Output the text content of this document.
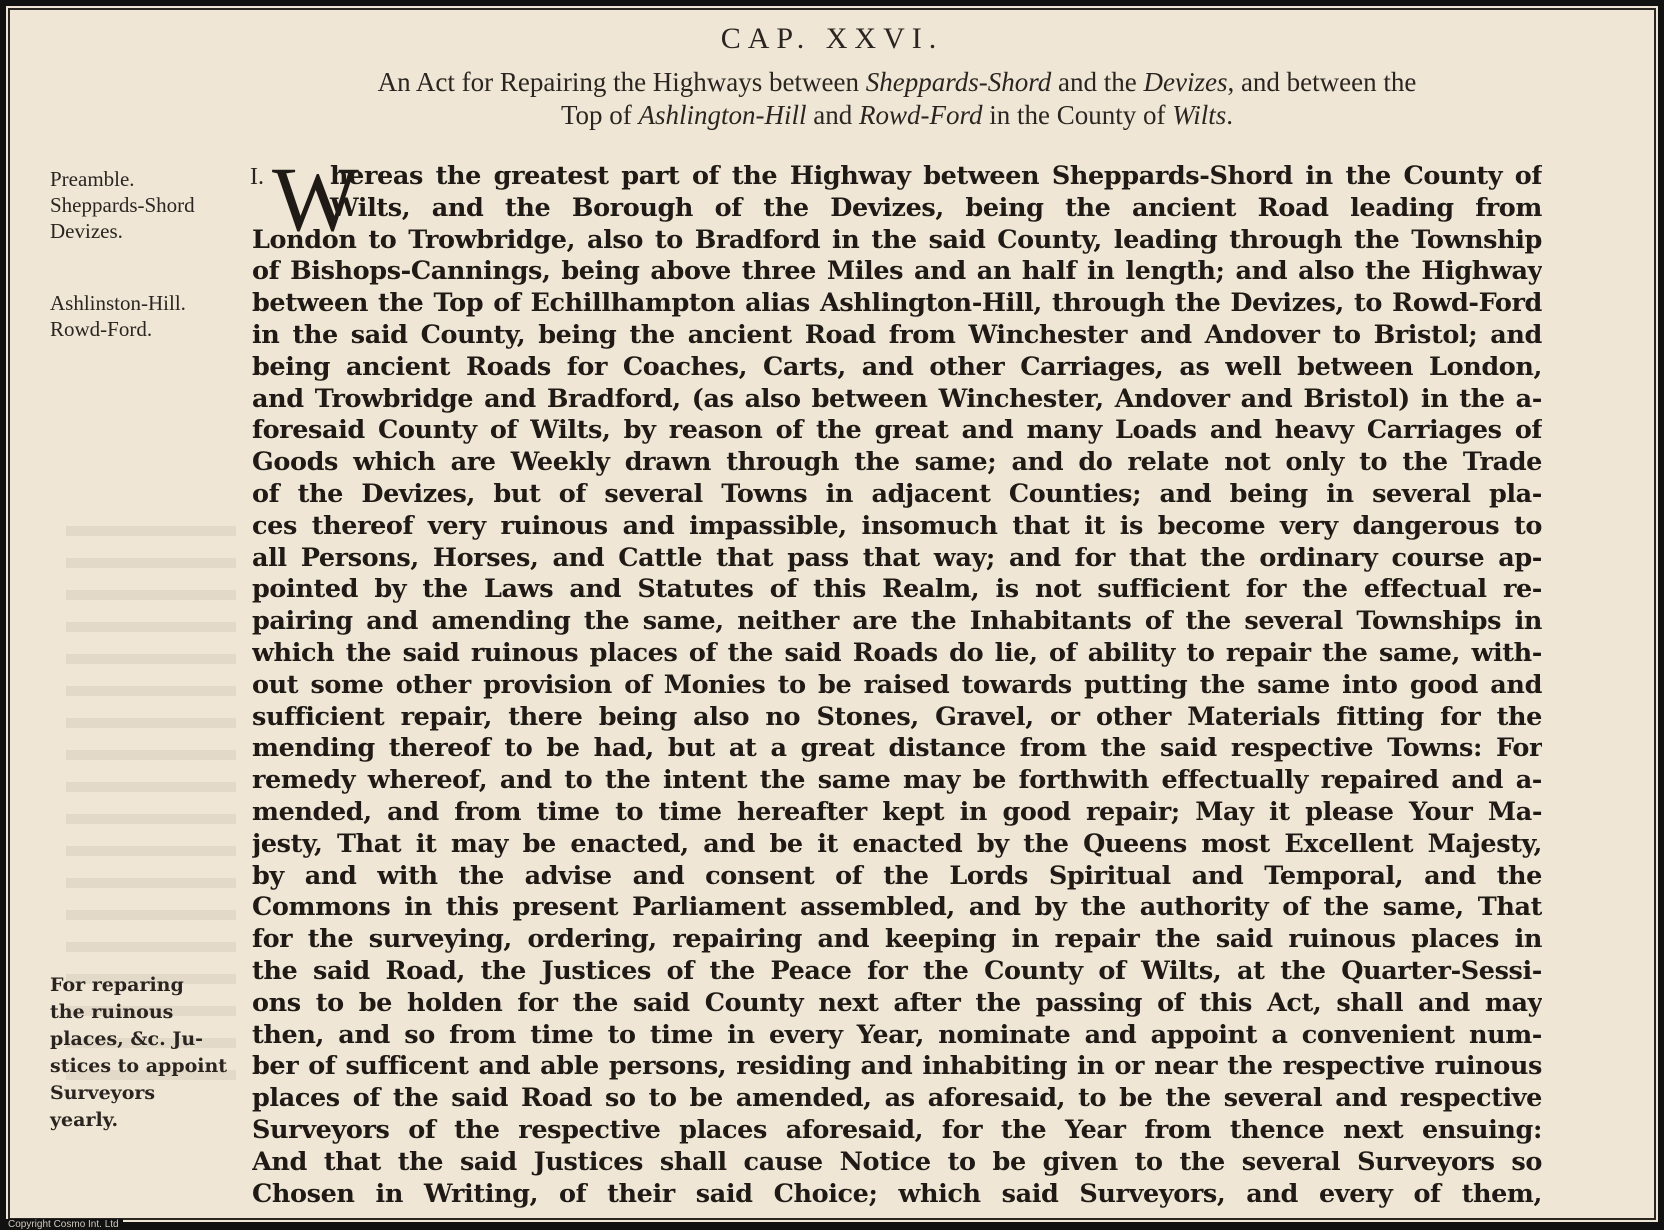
CAP. XXVI.
An Act for Repairing the Highways between Sheppards-Shord and the Devizes, and between the
Top of Ashlington-Hill and Rowd-Ford in the County of Wilts.
Preamble.
Sheppards-Shord
Devizes.
Ashlinston-Hill.
Rowd-Ford.
For reparing
the ruinous
places, &c. Ju-
stices to appoint
Surveyors
yearly.
I. W
hereas the greatest part of the Highway between Sheppards-Shord in the County of
Wilts, and the Borough of the Devizes, being the ancient Road leading from
London to Trowbridge, also to Bradford in the said County, leading through the Township
of Bishops-Cannings, being above three Miles and an half in length; and also the Highway
between the Top of Echillhampton alias Ashlington-Hill, through the Devizes, to Rowd-Ford
in the said County, being the ancient Road from Winchester and Andover to Bristol; and
being ancient Roads for Coaches, Carts, and other Carriages, as well between London,
and Trowbridge and Bradford, (as also between Winchester, Andover and Bristol) in the a-
foresaid County of Wilts, by reason of the great and many Loads and heavy Carriages of
Goods which are Weekly drawn through the same; and do relate not only to the Trade
of the Devizes, but of several Towns in adjacent Counties; and being in several pla-
ces thereof very ruinous and impassible, insomuch that it is become very dangerous to
all Persons, Horses, and Cattle that pass that way; and for that the ordinary course ap-
pointed by the Laws and Statutes of this Realm, is not sufficient for the effectual re-
pairing and amending the same, neither are the Inhabitants of the several Townships in
which the said ruinous places of the said Roads do lie, of ability to repair the same, with-
out some other provision of Monies to be raised towards putting the same into good and
sufficient repair, there being also no Stones, Gravel, or other Materials fitting for the
mending thereof to be had, but at a great distance from the said respective Towns: For
remedy whereof, and to the intent the same may be forthwith effectually repaired and a-
mended, and from time to time hereafter kept in good repair; May it please Your Ma-
jesty, That it may be enacted, and be it enacted by the Queens most Excellent Majesty,
by and with the advise and consent of the Lords Spiritual and Temporal, and the
Commons in this present Parliament assembled, and by the authority of the same, That
for the surveying, ordering, repairing and keeping in repair the said ruinous places in
the said Road, the Justices of the Peace for the County of Wilts, at the Quarter-Sessi-
ons to be holden for the said County next after the passing of this Act, shall and may
then, and so from time to time in every Year, nominate and appoint a convenient num-
ber of sufficent and able persons, residing and inhabiting in or near the respective ruinous
places of the said Road so to be amended, as aforesaid, to be the several and respective
Surveyors of the respective places aforesaid, for the Year from thence next ensuing:
And that the said Justices shall cause Notice to be given to the several Surveyors so
Chosen in Writing, of their said Choice; which said Surveyors, and every of them,
Copyright Cosmo Int. Ltd
